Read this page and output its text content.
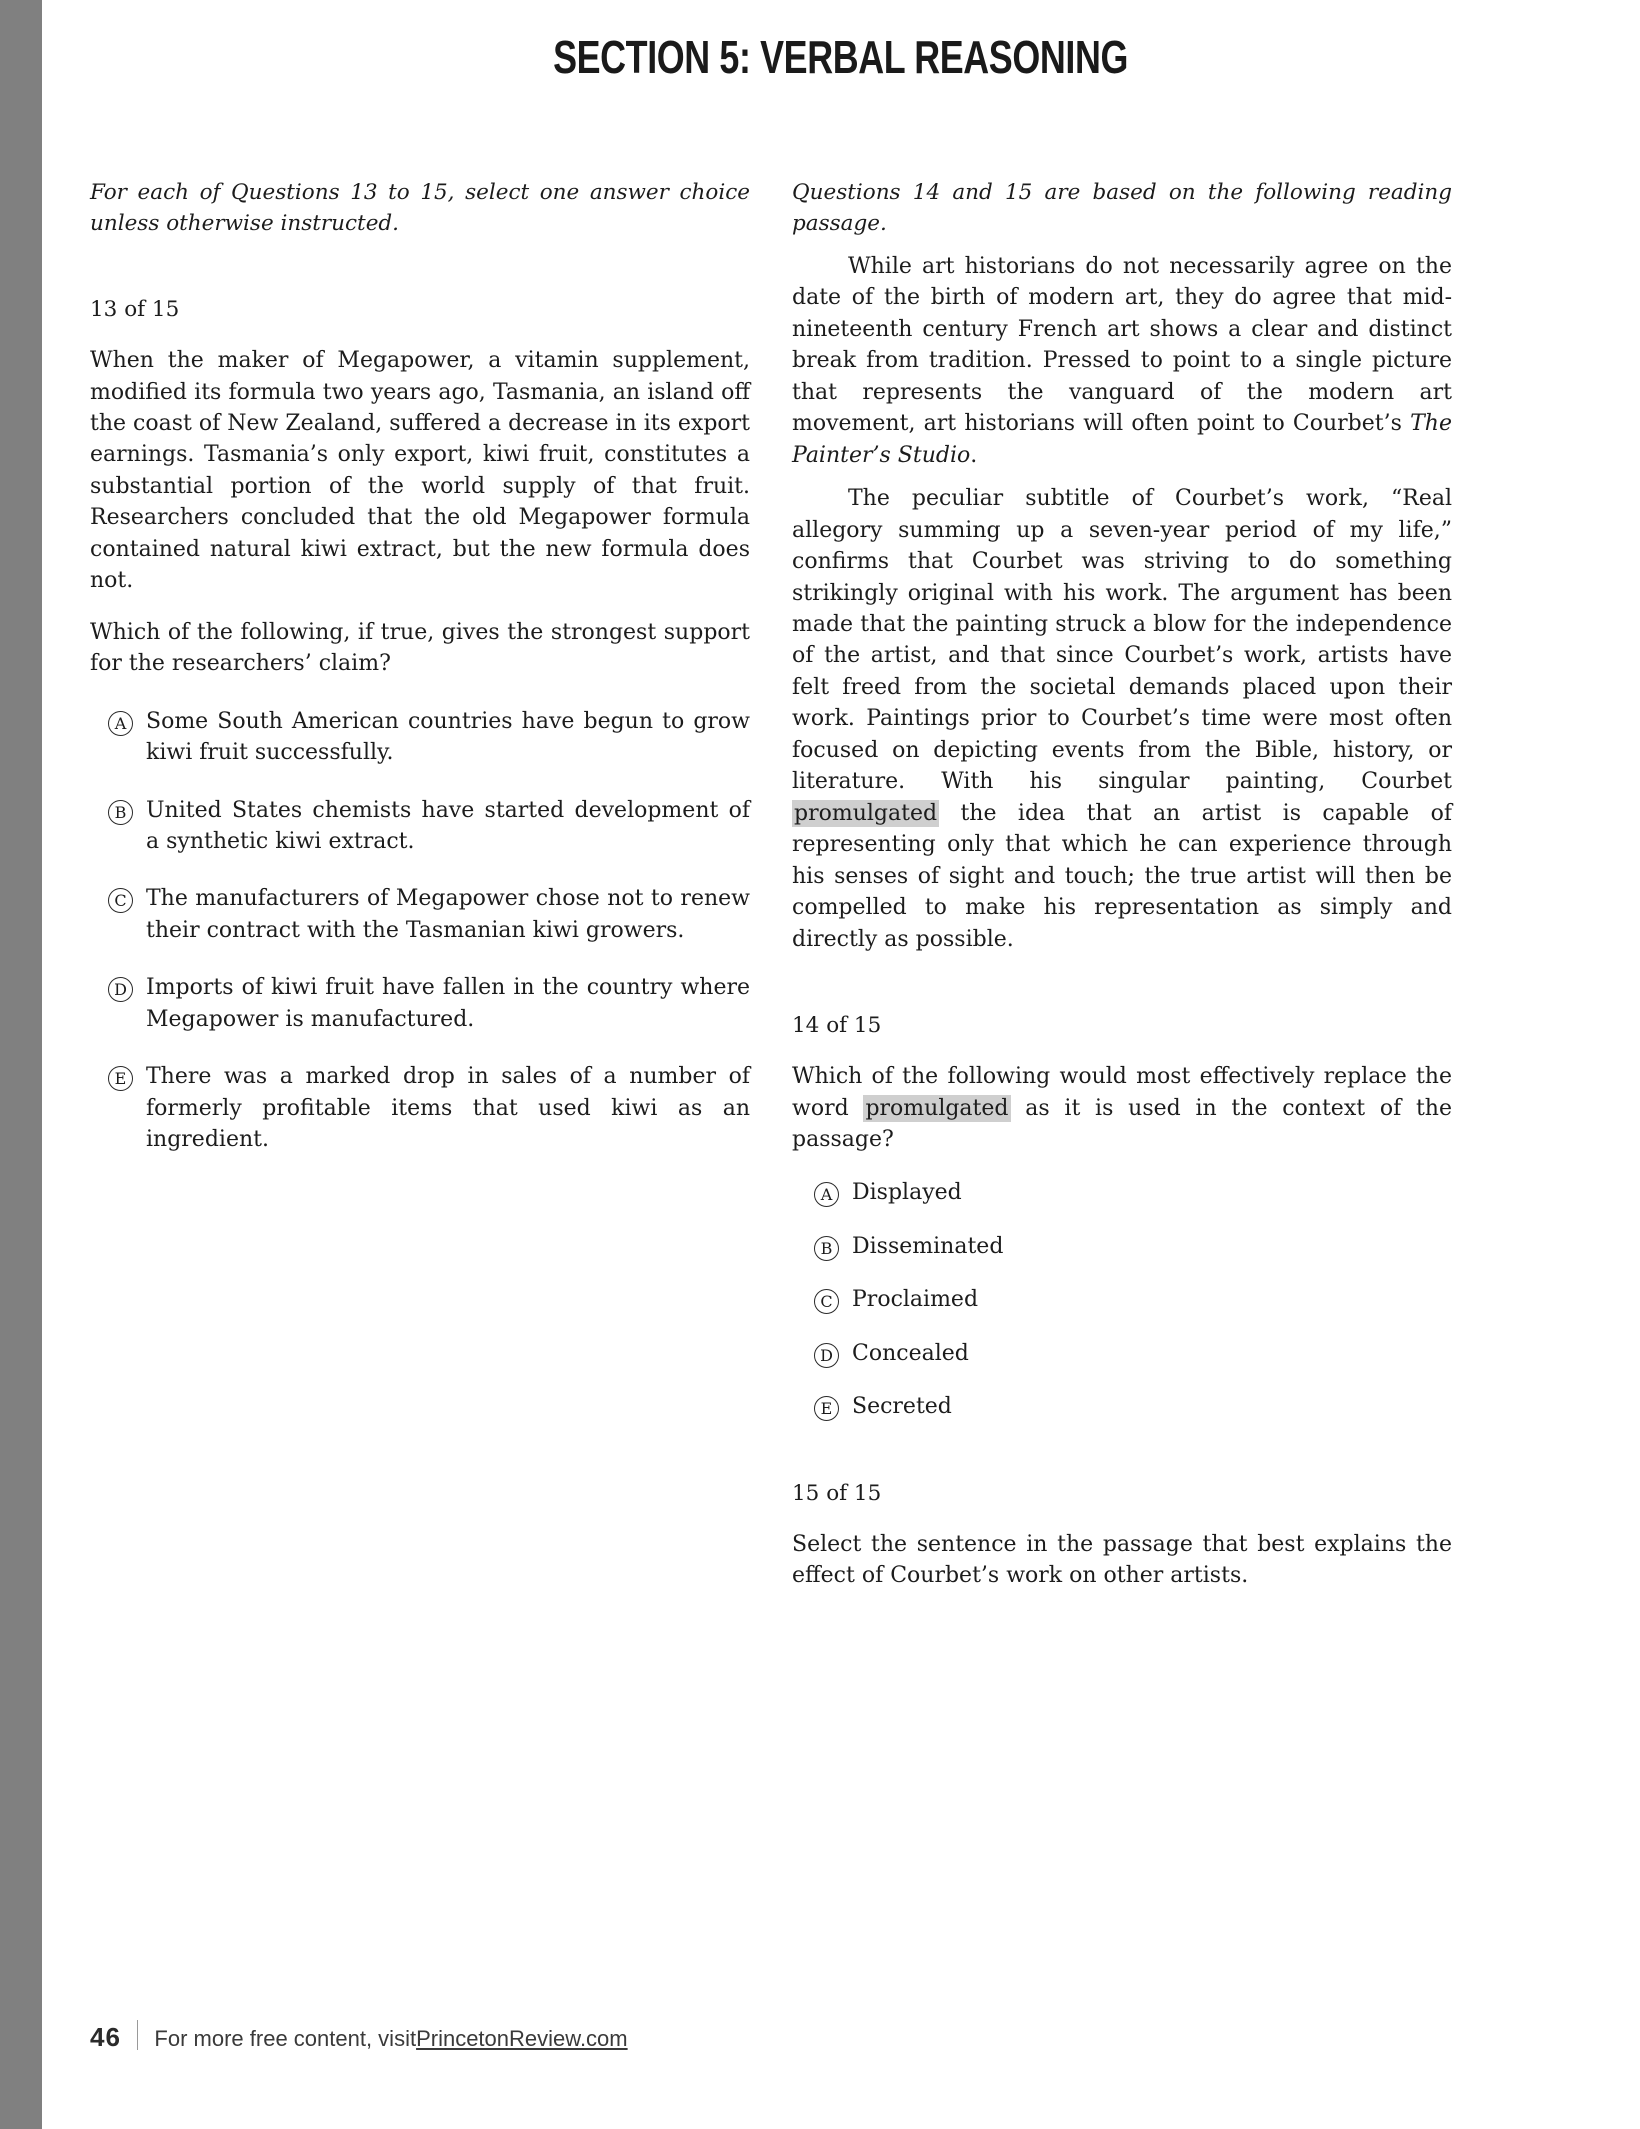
SECTION 5: VERBAL REASONING

For each of Questions 13 to 15, select one answer choice unless otherwise instructed.

13 of 15

When the maker of Megapower, a vitamin supplement, modified its formula two years ago, Tasmania, an island off the coast of New Zealand, suffered a decrease in its export earnings. Tasmania’s only export, kiwi fruit, constitutes a substantial portion of the world supply of that fruit. Researchers concluded that the old Megapower formula contained natural kiwi extract, but the new formula does not.

Which of the following, if true, gives the strongest support for the researchers’ claim?

A Some South American countries have begun to grow kiwi fruit successfully.
B United States chemists have started development of a synthetic kiwi extract.
C The manufacturers of Megapower chose not to renew their contract with the Tasmanian kiwi growers.
D Imports of kiwi fruit have fallen in the country where Megapower is manufactured.
E There was a marked drop in sales of a number of formerly profitable items that used kiwi as an ingredient.

Questions 14 and 15 are based on the following reading passage.

While art historians do not necessarily agree on the date of the birth of modern art, they do agree that mid-nineteenth century French art shows a clear and distinct break from tradition. Pressed to point to a single picture that represents the vanguard of the modern art movement, art historians will often point to Courbet’s The Painter’s Studio.

The peculiar subtitle of Courbet’s work, “Real allegory summing up a seven-year period of my life,” confirms that Courbet was striving to do something strikingly original with his work. The argument has been made that the painting struck a blow for the independence of the artist, and that since Courbet’s work, artists have felt freed from the societal demands placed upon their work. Paintings prior to Courbet’s time were most often focused on depicting events from the Bible, history, or literature. With his singular painting, Courbet promulgated the idea that an artist is capable of representing only that which he can experience through his senses of sight and touch; the true artist will then be compelled to make his representation as simply and directly as possible.

14 of 15

Which of the following would most effectively replace the word promulgated as it is used in the context of the passage?

A Displayed
B Disseminated
C Proclaimed
D Concealed
E Secreted

15 of 15

Select the sentence in the passage that best explains the effect of Courbet’s work on other artists.

46 For more free content, visit PrincetonReview.com
